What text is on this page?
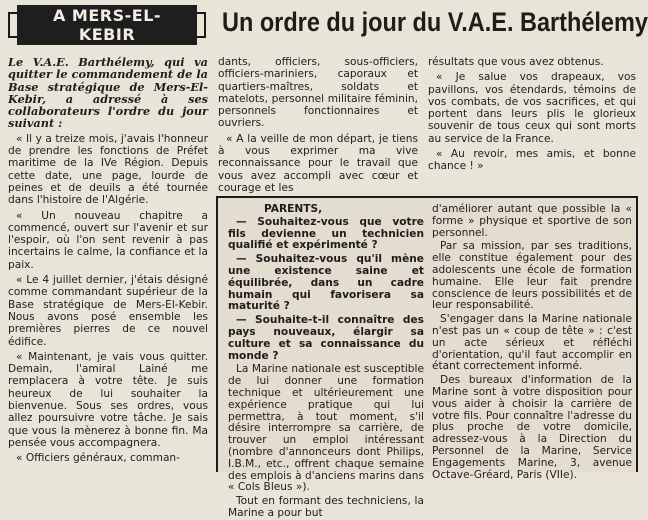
A MERS-EL-KEBIR	Un ordre du jour du V.A.E. Barthélemy

Le V.A.E. Barthélemy, qui va quitter le commandement de la Base stratégique de Mers-El-Kebir, a adressé à ses collaborateurs l'ordre du jour suivant :

« Il y a treize mois, j'avais l'honneur de prendre les fonctions de Préfet maritime de la IVe Région. Depuis cette date, une page, lourde de peines et de deuils a été tournée dans l'histoire de l'Algérie.

« Un nouveau chapitre a commencé, ouvert sur l'avenir et sur l'espoir, où l'on sent revenir à pas incertains le calme, la confiance et la paix.

« Le 4 juillet dernier, j'étais désigné comme commandant supérieur de la Base stratégique de Mers-El-Kebir. Nous avons posé ensemble les premières pierres de ce nouvel édifice.

« Maintenant, je vais vous quitter. Demain, l'amiral Lainé me remplacera à votre tête. Je suis heureux de lui souhaiter la bienvenue. Sous ses ordres, vous allez poursuivre votre tâche. Je sais que vous la mènerez à bonne fin. Ma pensée vous accompagnera.

« Officiers généraux, comman-

dants, officiers, sous-officiers, officiers-mariniers, caporaux et quartiers-maîtres, soldats et matelots, personnel militaire féminin, personnels fonctionnaires et ouvriers.

« A la veille de mon départ, je tiens à vous exprimer ma vive reconnaissance pour le travail que vous avez accompli avec cœur et courage et les

résultats que vous avez obtenus.

« Je salue vos drapeaux, vos pavillons, vos étendards, témoins de vos combats, de vos sacrifices, et qui portent dans leurs plis le glorieux souvenir de tous ceux qui sont morts au service de la France.

« Au revoir, mes amis, et bonne chance ! »

PARENTS,

— Souhaitez-vous que votre fils devienne un technicien qualifié et expérimenté ?

— Souhaitez-vous qu'il mène une existence saine et équilibrée, dans un cadre humain qui favorisera sa maturité ?

— Souhaite-t-il connaître des pays nouveaux, élargir sa culture et sa connaissance du monde ?

La Marine nationale est susceptible de lui donner une formation technique et ultérieurement une expérience pratique qui lui permettra, à tout moment, s'il désire interrompre sa carrière, de trouver un emploi intéressant (nombre d'annonceurs dont Philips, I.B.M., etc., offrent chaque semaine des emplois à d'anciens marins dans « Cols Bleus »).

Tout en formant des techniciens, la Marine a pour but

d'améliorer autant que possible la « forme » physique et sportive de son personnel.

Par sa mission, par ses traditions, elle constitue également pour des adolescents une école de formation humaine. Elle leur fait prendre conscience de leurs possibilités et de leur responsabilité.

S'engager dans la Marine nationale n'est pas un « coup de tête » : c'est un acte sérieux et réfléchi d'orientation, qu'il faut accomplir en étant correctement informé.

Des bureaux d'information de la Marine sont à votre disposition pour vous aider à choisir la carrière de votre fils. Pour connaître l'adresse du plus proche de votre domicile, adressez-vous à la Direction du Personnel de la Marine, Service Engagements Marine, 3, avenue Octave-Gréard, Paris (VIIe).
